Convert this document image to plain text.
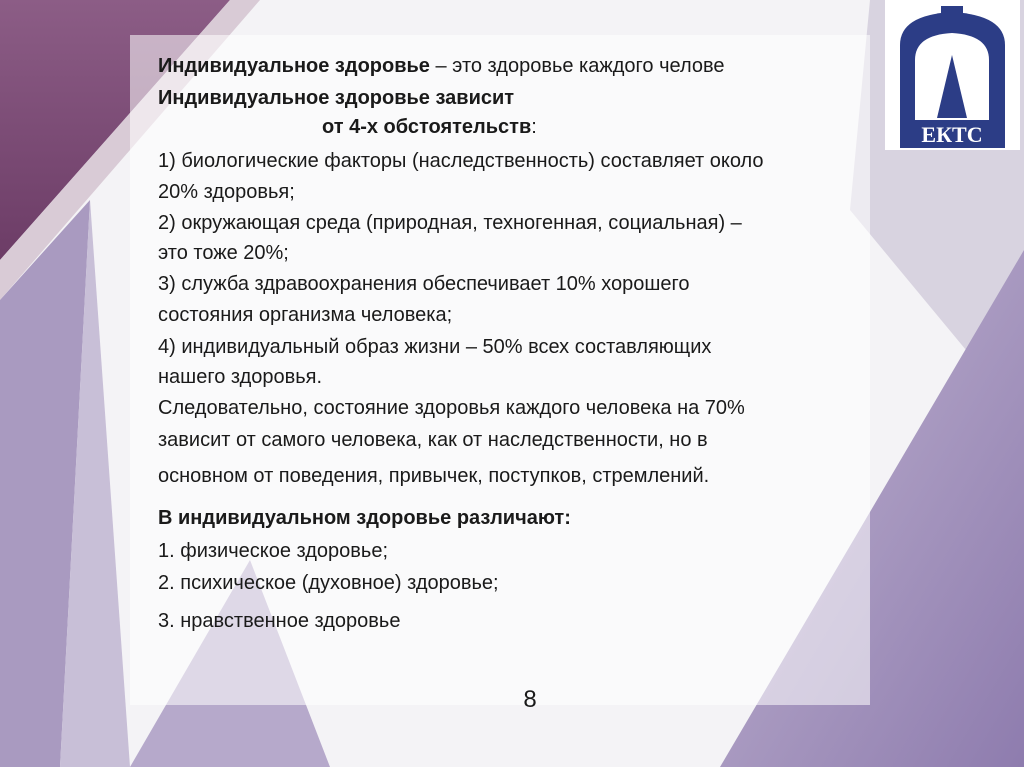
ЕКТС
Индивидуальное здоровье – это здоровье каждого челове
Индивидуальное здоровье зависит
от 4-х обстоятельств:
1) биологические факторы (наследственность) составляет около
20% здоровья;
2) окружающая среда (природная, техногенная, социальная) –
это тоже 20%;
3) служба здравоохранения обеспечивает 10% хорошего
состояния организма человека;
4) индивидуальный образ жизни – 50% всех составляющих
нашего здоровья.
Следовательно, состояние здоровья каждого человека на 70%
зависит от самого человека, как от наследственности, но в
основном от поведения, привычек, поступков, стремлений.
В индивидуальном здоровье различают:
1. физическое здоровье;
2. психическое (духовное) здоровье;
3. нравственное здоровье
8
